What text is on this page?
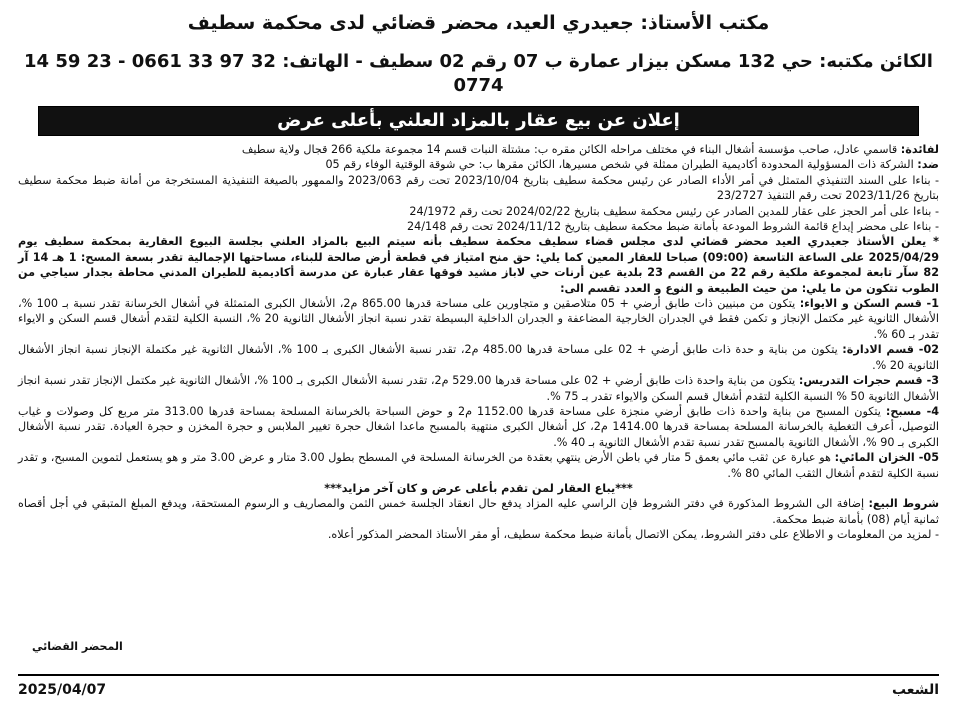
مكتب الأستاذ: جعيدري العيد، محضر قضائي لدى محكمة سطيف
الكائن مكتبه: حي 132 مسكن بيزار عمارة ب 07 رقم 02 سطيف - الهاتف: 32 97 33 0661 - 23 59 14 0774
إعلان عن بيع عقار بالمزاد العلني بأعلى عرض

لفائدة: قاسمي عادل، صاحب مؤسسة أشغال البناء في مختلف مراحله الكائن مقره ب: مشتلة النبات قسم 14 مجموعة ملكية 266 قجال ولاية سطيف

ضد: الشركة ذات المسؤولية المحدودة أكاديمية الطيران ممثلة في شخص مسيرها، الكائن مقرها ب: حي شوقة الوقتية الوفاء رقم 05

- بناءا على السند التنفيذي المتمثل في أمر الأداء الصادر عن رئيس محكمة سطيف بتاريخ 2023/10/04 تحت رقم 2023/063 والممهور بالصيغة التنفيذية المستخرجة من أمانة ضبط محكمة سطيف بتاريخ 2023/11/26 تحت رقم التنفيذ 23/2727

- بناءا على أمر الحجز على عقار للمدين الصادر عن رئيس محكمة سطيف بتاريخ 2024/02/22 تحت رقم 24/1972

- بناءا على محضر إيداع قائمة الشروط المودعة بأمانة ضبط محكمة سطيف بتاريخ 2024/11/12 تحت رقم 24/148

* يعلن الأستاذ جعيدري العيد محضر قضائي لدى مجلس قضاء سطيف محكمة سطيف بأنه سيتم البيع بالمزاد العلني بجلسة البيوع العقارية بمحكمة سطيف يوم 2025/04/29 على الساعة التاسعة (09:00) صباحا للعقار المعين كما يلي: حق منح امتياز في قطعة أرض صالحة للبناء، مساحتها الإجمالية تقدر بسعة المسح: 1 هـ 14 آر 82 سآر تابعة لمجموعة ملكية رقم 22 من القسم 23 بلدية عين أرنات حي لاباز مشيد فوقها عقار عبارة عن مدرسة أكاديمية للطيران المدني محاطة بجدار سياجي من الطوب تتكون من ما يلي: من حيث الطبيعة و النوع و العدد تقسم الى:

1- قسم السكن و الايواء: يتكون من مبنيين ذات طابق أرضي + 05 متلاصقين و متجاورين على مساحة قدرها 865.00 م2، الأشغال الكبرى المتمثلة في أشغال الخرسانة تقدر نسبة بـ 100 %، الأشغال الثانوية غير مكتمل الإنجاز و تكمن فقط في الجدران الخارجية المضاعفة و الجدران الداخلية البسيطة تقدر نسبة انجاز الأشغال الثانوية 20 %، النسبة الكلية لتقدم أشغال قسم السكن و الايواء تقدر بـ 60 %.

02- قسم الادارة: يتكون من بناية و حدة ذات طابق أرضي + 02 على مساحة قدرها 485.00 م2، تقدر نسبة الأشغال الكبرى بـ 100 %، الأشغال الثانوية غير مكتملة الإنجاز نسبة انجاز الأشغال الثانوية 20 %.

3- قسم حجرات التدريس: يتكون من بناية واحدة ذات طابق أرضي + 02 على مساحة قدرها 529.00 م2، تقدر نسبة الأشغال الكبرى بـ 100 %، الأشغال الثانوية غير مكتمل الإنجاز تقدر نسبة انجاز الأشغال الثانوية 50 % النسبة الكلية لتقدم أشغال قسم السكن والايواء تقدر بـ 75 %.

4- مسبح: يتكون المسبح من بناية واحدة ذات طابق أرضي منجزة على مساحة قدرها 1152.00 م2 و حوض السباحة بالخرسانة المسلحة بمساحة قدرها 313.00 متر مربع كل وصولات و غياب التوصيل، أعرف التغطية بالخرسانة المسلحة بمساحة قدرها 1414.00 م2، كل أشغال الكبرى منتهية بالمسبح ماعدا اشغال حجرة تغيير الملابس و حجرة المخزن و حجرة العيادة. تقدر نسبة الأشغال الكبرى بـ 90 %، الأشغال الثانوية بالمسبح تقدر نسبة تقدم الأشغال الثانوية بـ 40 %.

05- الخزان المائي: هو عبارة عن ثقب مائي بعمق 5 متار في باطن الأرض ينتهي بعقدة من الخرسانة المسلحة في المسطح بطول 3.00 متار و عرض 3.00 متر و هو يستعمل لتموين المسبح، و تقدر نسبة الكلية لتقدم أشغال الثقب المائي 80 %.

***يباع العقار لمن تقدم بأعلى عرض و كان آخر مزايد***

شروط البيع: إضافة الى الشروط المذكورة في دفتر الشروط فإن الراسي عليه المزاد يدفع حال انعقاد الجلسة خمس الثمن والمصاريف و الرسوم المستحقة، ويدفع المبلغ المتبقي في أجل أقصاه ثمانية أيام (08) بأمانة ضبط محكمة.

- لمزيد من المعلومات و الاطلاع على دفتر الشروط، يمكن الاتصال بأمانة ضبط محكمة سطيف، أو مقر الأستاذ المحضر المذكور أعلاه.

المحضر القضائي
الشعب
2025/04/07
